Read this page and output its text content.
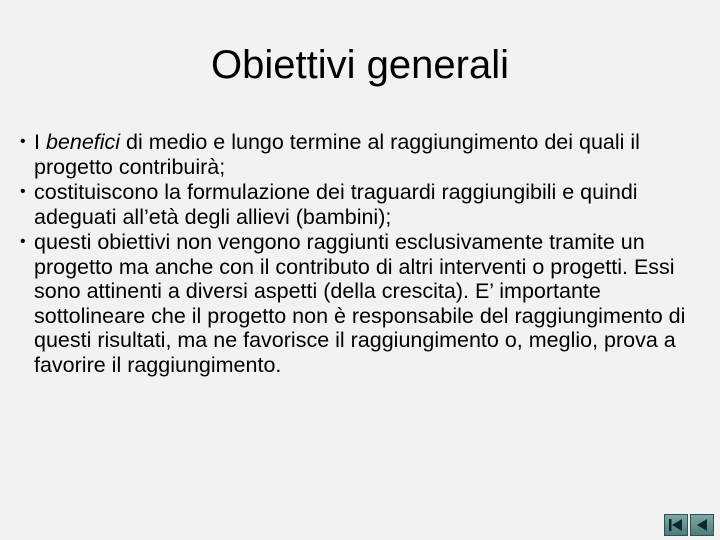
Obiettivi generali
• I benefici di medio e lungo termine al raggiungimento dei quali il progetto contribuirà;
• costituiscono la formulazione dei traguardi raggiungibili e quindi adeguati all’età degli allievi (bambini);
• questi obiettivi non vengono raggiunti esclusivamente tramite un progetto ma anche con il contributo di altri interventi o progetti. Essi sono attinenti a diversi aspetti (della crescita). E’ importante sottolineare che il progetto non è responsabile del raggiungimento di questi risultati, ma ne favorisce il raggiungimento o, meglio, prova a favorire il raggiungimento.
